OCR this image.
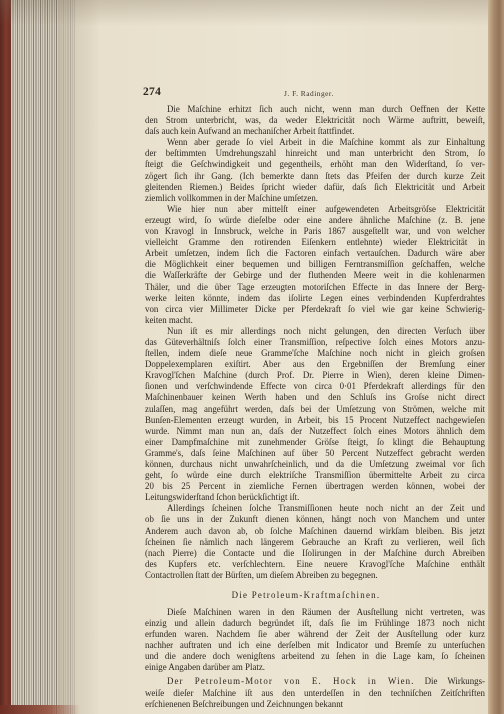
274	J. F. Radinger.
Die Maſchine erhitzt ſich auch nicht, wenn man durch Oeffnen der Kette
den Strom unterbricht, was, da weder Elektricität noch Wärme auftritt, beweiſt,
daſs auch kein Aufwand an mechaniſcher Arbeit ſtattfindet.
Wenn aber gerade ſo viel Arbeit in die Maſchine kommt als zur Einhaltung
der beſtimmten Umdrehungszahl hinreicht und man unterbricht den Strom, ſo
ſteigt die Geſchwindigkeit und gegentheils, erhöht man den Widerſtand, ſo ver-
zögert ſich ihr Gang. (Ich bemerkte dann ſtets das Pfeifen der durch kurze Zeit
gleitenden Riemen.) Beides ſpricht wieder dafür, daſs ſich Elektricität und Arbeit
ziemlich vollkommen in der Maſchine umſetzen.
Wie hier nun aber mittelſt einer aufgewendeten Arbeitsgröſse Elektricität
erzeugt wird, ſo würde dieſelbe oder eine andere ähnliche Maſchine (z. B. jene
von Kravogl in Innsbruck, welche in Paris 1867 ausgeſtellt war, und von welcher
vielleicht Gramme den rotirenden Eiſenkern entlehnte) wieder Elektricität in
Arbeit umſetzen, indem ſich die Factoren einfach vertauſchen. Dadurch wäre aber
die Möglichkeit einer bequemen und billigen Ferntransmiſſion geſchaffen, welche
die Waſſerkräfte der Gebirge und der fluthenden Meere weit in die kohlenarmen
Thäler, und die über Tage erzeugten motoriſchen Effecte in das Innere der Berg-
werke leiten könnte, indem das iſolirte Legen eines verbindenden Kupferdrahtes
von circa vier Millimeter Dicke per Pferdekraft ſo viel wie gar keine Schwierig-
keiten macht.
Nun iſt es mir allerdings noch nicht gelungen, den directen Verſuch über
das Güteverhältniſs ſolch einer Transmiſſion, reſpective ſolch eines Motors anzu-
ſtellen, indem dieſe neue Gramme'ſche Maſchine noch nicht in gleich groſsen
Doppelexemplaren exiſtirt. Aber aus den Ergebniſſen der Bremſung einer
Kravogl'ſchen Maſchine (durch Prof. Dr. Pierre in Wien), deren kleine Dimen-
ſionen und verſchwindende Effecte von circa 0·01 Pferdekraft allerdings für den
Maſchinenbauer keinen Werth haben und den Schluſs ins Groſse nicht direct
zulaſſen, mag angeführt werden, daſs bei der Umſetzung von Strömen, welche mit
Bunſen-Elementen erzeugt wurden, in Arbeit, bis 15 Procent Nutzeffect nachgewieſen
wurde. Nimmt man nun an, daſs der Nutzeffect ſolch eines Motors ähnlich dem
einer Dampfmaſchine mit zunehmender Gröſse ſteigt, ſo klingt die Behauptung
Gramme's, daſs ſeine Maſchinen auf über 50 Percent Nutzeffect gebracht werden
können, durchaus nicht unwahrſcheinlich, und da die Umſetzung zweimal vor ſich
geht, ſo würde eine durch elektriſche Transmiſſion übermittelte Arbeit zu circa
20 bis 25 Percent in ziemliche Fernen übertragen werden können, wobei der
Leitungswiderſtand ſchon berückſichtigt iſt.
Allerdings ſcheinen ſolche Transmiſſionen heute noch nicht an der Zeit und
ob ſie uns in der Zukunft dienen können, hängt noch von Manchem und unter
Anderem auch davon ab, ob ſolche Maſchinen dauernd wirkſam bleiben. Bis jetzt
ſcheinen ſie nämlich nach längerem Gebrauche an Kraft zu verlieren, weil ſich
(nach Pierre) die Contacte und die Iſolirungen in der Maſchine durch Abreiben
des Kupfers etc. verſchlechtern. Eine neuere Kravogl'ſche Maſchine enthält
Contactrollen ſtatt der Bürſten, um dieſem Abreiben zu begegnen.
Die Petroleum-Kraftmaſchinen.
Dieſe Maſchinen waren in den Räumen der Ausſtellung nicht vertreten, was
einzig und allein dadurch begründet iſt, daſs ſie im Frühlinge 1873 noch nicht
erfunden waren. Nachdem ſie aber während der Zeit der Ausſtellung oder kurz
nachher auftraten und ich eine derſelben mit Indicator und Bremſe zu unterſuchen
und die andere doch wenigſtens arbeitend zu ſehen in die Lage kam, ſo ſcheinen
einige Angaben darüber am Platz.
Der Petroleum-Motor von E. Hock in Wien. Die Wirkungs-
weiſe dieſer Maſchine iſt aus den unterdeſſen in den techniſchen Zeitſchriften
erſchienenen Beſchreibungen und Zeichnungen bekannt
